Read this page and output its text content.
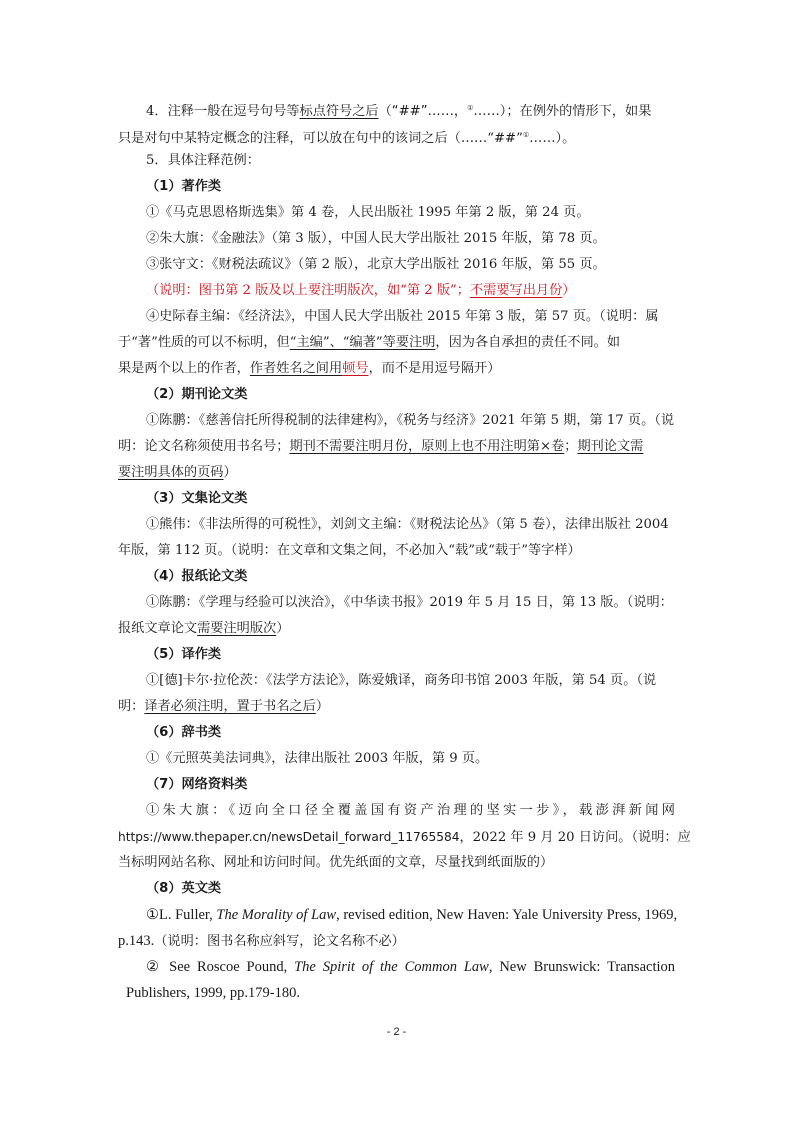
4．注释一般在逗号句号等标点符号之后（“##”……，①……）；在例外的情形下，如果
只是对句中某特定概念的注释，可以放在句中的该词之后（……“##”①……）。
5．具体注释范例：
（1）著作类
①《马克思恩格斯选集》第 4 卷，人民出版社 1995 年第 2 版，第 24 页。
②朱大旗：《金融法》（第 3 版），中国人民大学出版社 2015 年版，第 78 页。
③张守文：《财税法疏议》（第 2 版），北京大学出版社 2016 年版，第 55 页。
（说明：图书第 2 版及以上要注明版次，如“第 2 版”；不需要写出月份）
④史际春主编：《经济法》，中国人民大学出版社 2015 年第 3 版，第 57 页。（说明：属
于“著”性质的可以不标明，但“主编”、“编著”等要注明，因为各自承担的责任不同。如
果是两个以上的作者，作者姓名之间用顿号，而不是用逗号隔开）
（2）期刊论文类
①陈鹏：《慈善信托所得税制的法律建构》，《税务与经济》2021 年第 5 期，第 17 页。（说
明：论文名称须使用书名号；期刊不需要注明月份，原则上也不用注明第×卷；期刊论文需
要注明具体的页码）
（3）文集论文类
①熊伟：《非法所得的可税性》，刘剑文主编：《财税法论丛》（第 5 卷），法律出版社 2004
年版，第 112 页。（说明：在文章和文集之间，不必加入“载”或“载于”等字样）
（4）报纸论文类
①陈鹏：《学理与经验可以浃洽》，《中华读书报》2019 年 5 月 15 日，第 13 版。（说明：
报纸文章论文需要注明版次）
（5）译作类
①[德]卡尔·拉伦茨：《法学方法论》，陈爱娥译，商务印书馆 2003 年版，第 54 页。（说
明：译者必须注明，置于书名之后）
（6）辞书类
①《元照英美法词典》，法律出版社 2003 年版，第 9 页。
（7）网络资料类
①朱大旗：《迈向全口径全覆盖国有资产治理的坚实一步》，载澎湃新闻网
https://www.thepaper.cn/newsDetail_forward_11765584，2022 年 9 月 20 日访问。（说明：应
当标明网站名称、网址和访问时间。优先纸面的文章，尽量找到纸面版的）
（8）英文类
①L. Fuller, The Morality of Law, revised edition, New Haven: Yale University Press, 1969,
p.143.（说明：图书名称应斜写，论文名称不必）
② See Roscoe Pound, The Spirit of the Common Law, New Brunswick: Transaction
Publishers, 1999, pp.179-180.
- 2 -
